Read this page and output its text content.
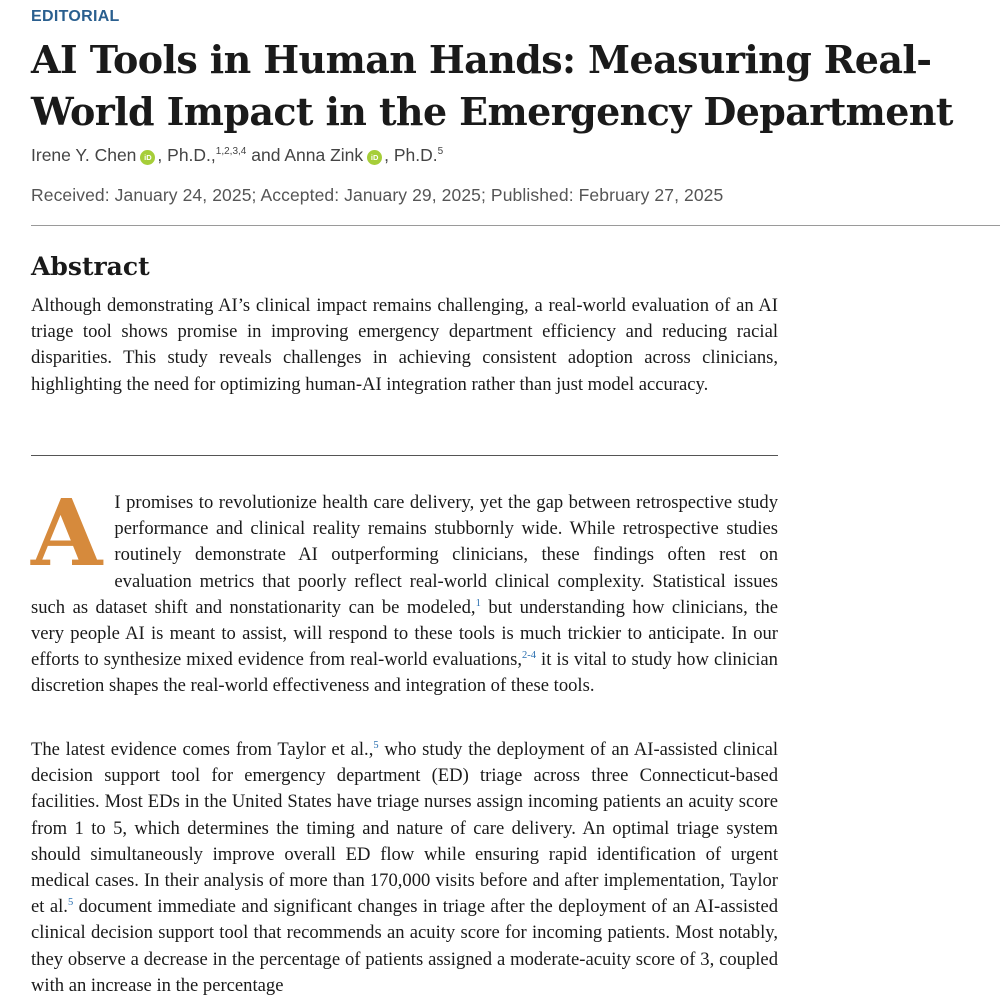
EDITORIAL
AI Tools in Human Hands: Measuring Real-World Impact in the Emergency Department
Irene Y. Chen iD , Ph.D.,$^{1,2,3,4}$ and Anna Zink iD , Ph.D.$^5$
Received: January 24, 2025; Accepted: January 29, 2025; Published: February 27, 2025
Abstract

Although demonstrating AI’s clinical impact remains challenging, a real-world evaluation of an AI triage tool shows promise in improving emergency department efficiency and reducing racial disparities. This study reveals challenges in achieving consistent adoption across clinicians, highlighting the need for optimizing human-AI integration rather than just model accuracy.

A I promises to revolutionize health care delivery, yet the gap between retrospective study performance and clinical reality remains stubbornly wide. While retrospective studies routinely demonstrate AI outperforming clinicians, these findings often rest on evaluation metrics that poorly reflect real-world clinical complexity. Statistical issues such as dataset shift and nonstationarity can be modeled,$^1$ but understanding how clinicians, the very people AI is meant to assist, will respond to these tools is much trickier to anticipate. In our efforts to synthesize mixed evidence from real-world evaluations,$^{2-4}$ it is vital to study how clinician discretion shapes the real-world effectiveness and integration of these tools.

The latest evidence comes from Taylor et al.,$^5$ who study the deployment of an AI-assisted clinical decision support tool for emergency department (ED) triage across three Connecticut-based facilities. Most EDs in the United States have triage nurses assign incoming patients an acuity score from 1 to 5, which determines the timing and nature of care delivery. An optimal triage system should simultaneously improve overall ED flow while ensuring rapid identification of urgent medical cases. In their analysis of more than 170,000 visits before and after implementation, Taylor et al.$^5$ document immediate and significant changes in triage after the deployment of an AI-assisted clinical decision support tool that recommends an acuity score for incoming patients. Most notably, they observe a decrease in the percentage of patients assigned a moderate-acuity score of 3, coupled with an increase in the percentage
